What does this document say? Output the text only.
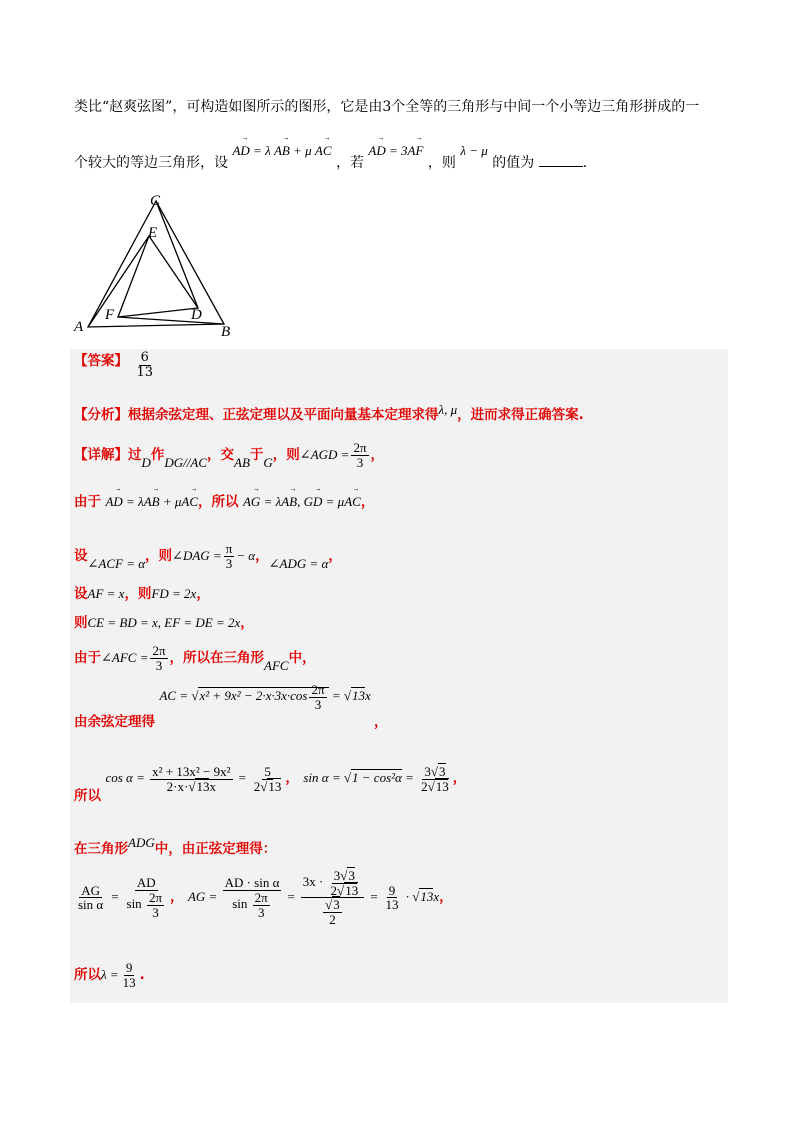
类比“赵爽弦图”，可构造如图所示的图形，它是由3个全等的三角形与中间一个小等边三角形拼成的一
个较大的等边三角形，设 A→ D = λ A→ B + μ A→ C ，若 A→ D = 3A→ F ，则 λ − μ 的值为	.
C
E
F	D
A	B
【答案】 $\frac{6}{13}$
【分析】根据余弦定理、正弦定理以及平面向量基本定理求得λ, μ，进而求得正确答案.
【详解】过D作DG//AC，交AB于G，则∠AGD = $\frac{2\pi}{3}$ ，
由于 A→ D = λA→ B + μA→ C，所以 A→ G = λA→ B, G→ D = μA→ C，
设∠ACF = α，则∠DAG = $\frac{\pi}{3} - \alpha$，∠ADG = α，
设AF = x，则FD = 2x，
则CE = BD = x, EF = DE = 2x，
由于∠AFC = $\frac{2\pi}{3}$ ，所以在三角形AFC中，
由余弦定理得 AC = $√x^2 + 9x^2 - 2\cdot x\cdot 3x\cdot\cos \frac{2\pi}{3} = √13x$ ，
所以 $\cos \alpha = \frac{\text{x² + 13x² − 9x²}}{2\cdot x\cdot√13x} = \frac{5}{2√13}$ ， $\sin \alpha = √1 - \cos^2\alpha = \frac{3√3}{2√13}$ ，
在三角形ADG中，由正弦定理得：
$\frac{AG}{\text{sin α}} = \frac{AD}{\sin \frac{2\pi}{3}}$ ， AG = $\frac{\text{AD · sin α}}{\sin \frac{2\pi}{3}} = \frac{3x \cdot \frac{3√3}{2√13}}{\frac{√3}{2}} = \frac{9}{13} \cdot √13x$，
所以$\lambda = \frac{9}{13}$ .
